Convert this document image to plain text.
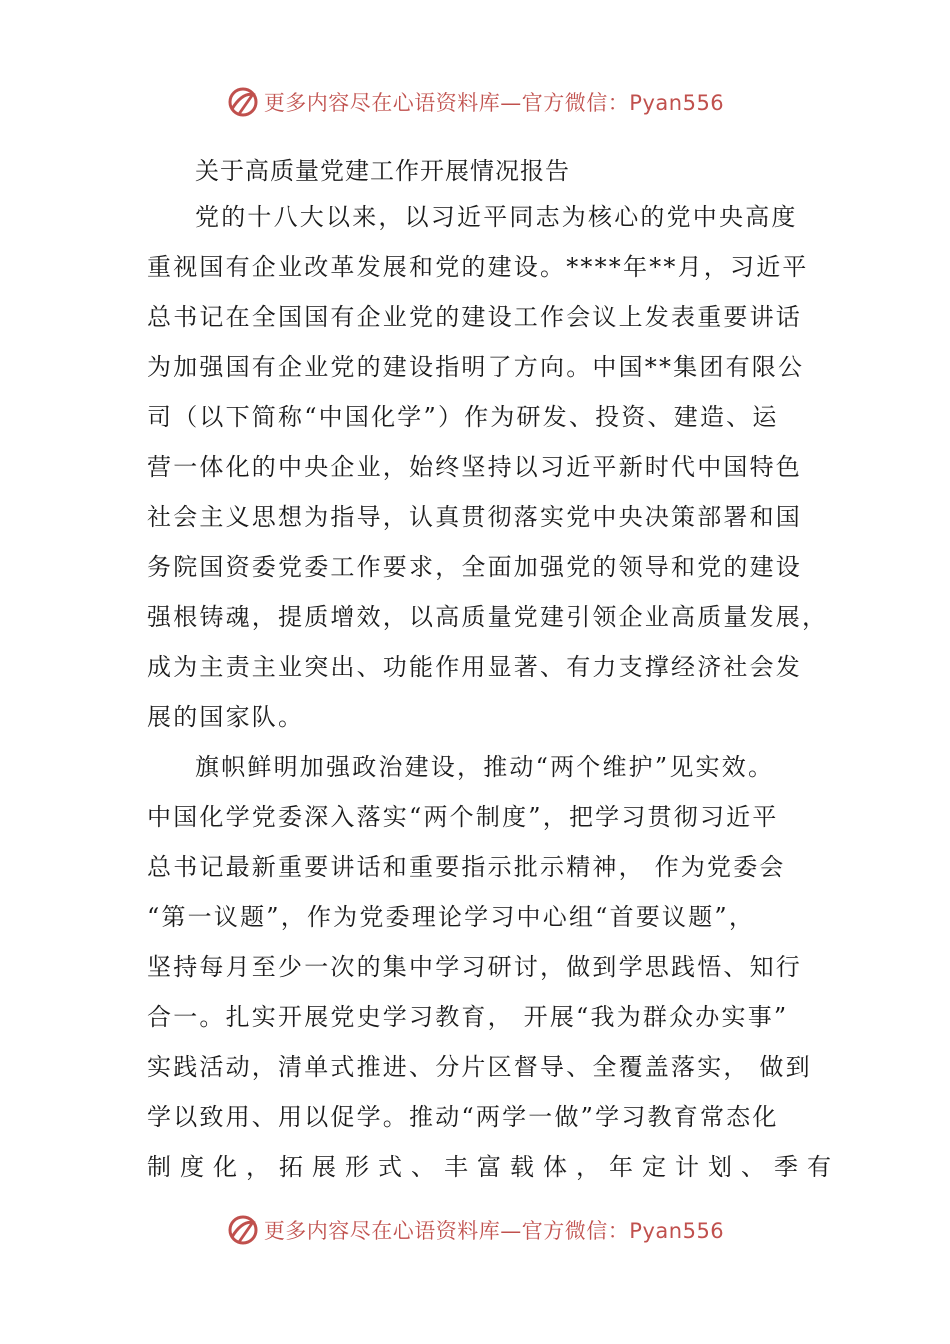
更多内容尽在心语资料库—官方微信：Pyan556
关于高质量党建工作开展情况报告
党的十八大以来，以习近平同志为核心的党中央高度
重视国有企业改革发展和党的建设。****年**月，习近平
总书记在全国国有企业党的建设工作会议上发表重要讲话
为加强国有企业党的建设指明了方向。中国**集团有限公
司（以下简称“中国化学”）作为研发、投资、建造、运
营一体化的中央企业，始终坚持以习近平新时代中国特色
社会主义思想为指导，认真贯彻落实党中央决策部署和国
务院国资委党委工作要求，全面加强党的领导和党的建设
强根铸魂，提质增效，以高质量党建引领企业高质量发展，
成为主责主业突出、功能作用显著、有力支撑经济社会发
展的国家队。
旗帜鲜明加强政治建设，推动“两个维护”见实效。
中国化学党委深入落实“两个制度”，把学习贯彻习近平
总书记最新重要讲话和重要指示批示精神， 作为党委会
“第一议题”，作为党委理论学习中心组“首要议题”，
坚持每月至少一次的集中学习研讨，做到学思践悟、知行
合一。扎实开展党史学习教育， 开展“我为群众办实事”
实践活动，清单式推进、分片区督导、全覆盖落实， 做到
学以致用、用以促学。推动“两学一做”学习教育常态化
制度化，拓展形式、丰富载体，年定计划、季有
更多内容尽在心语资料库—官方微信：Pyan556
